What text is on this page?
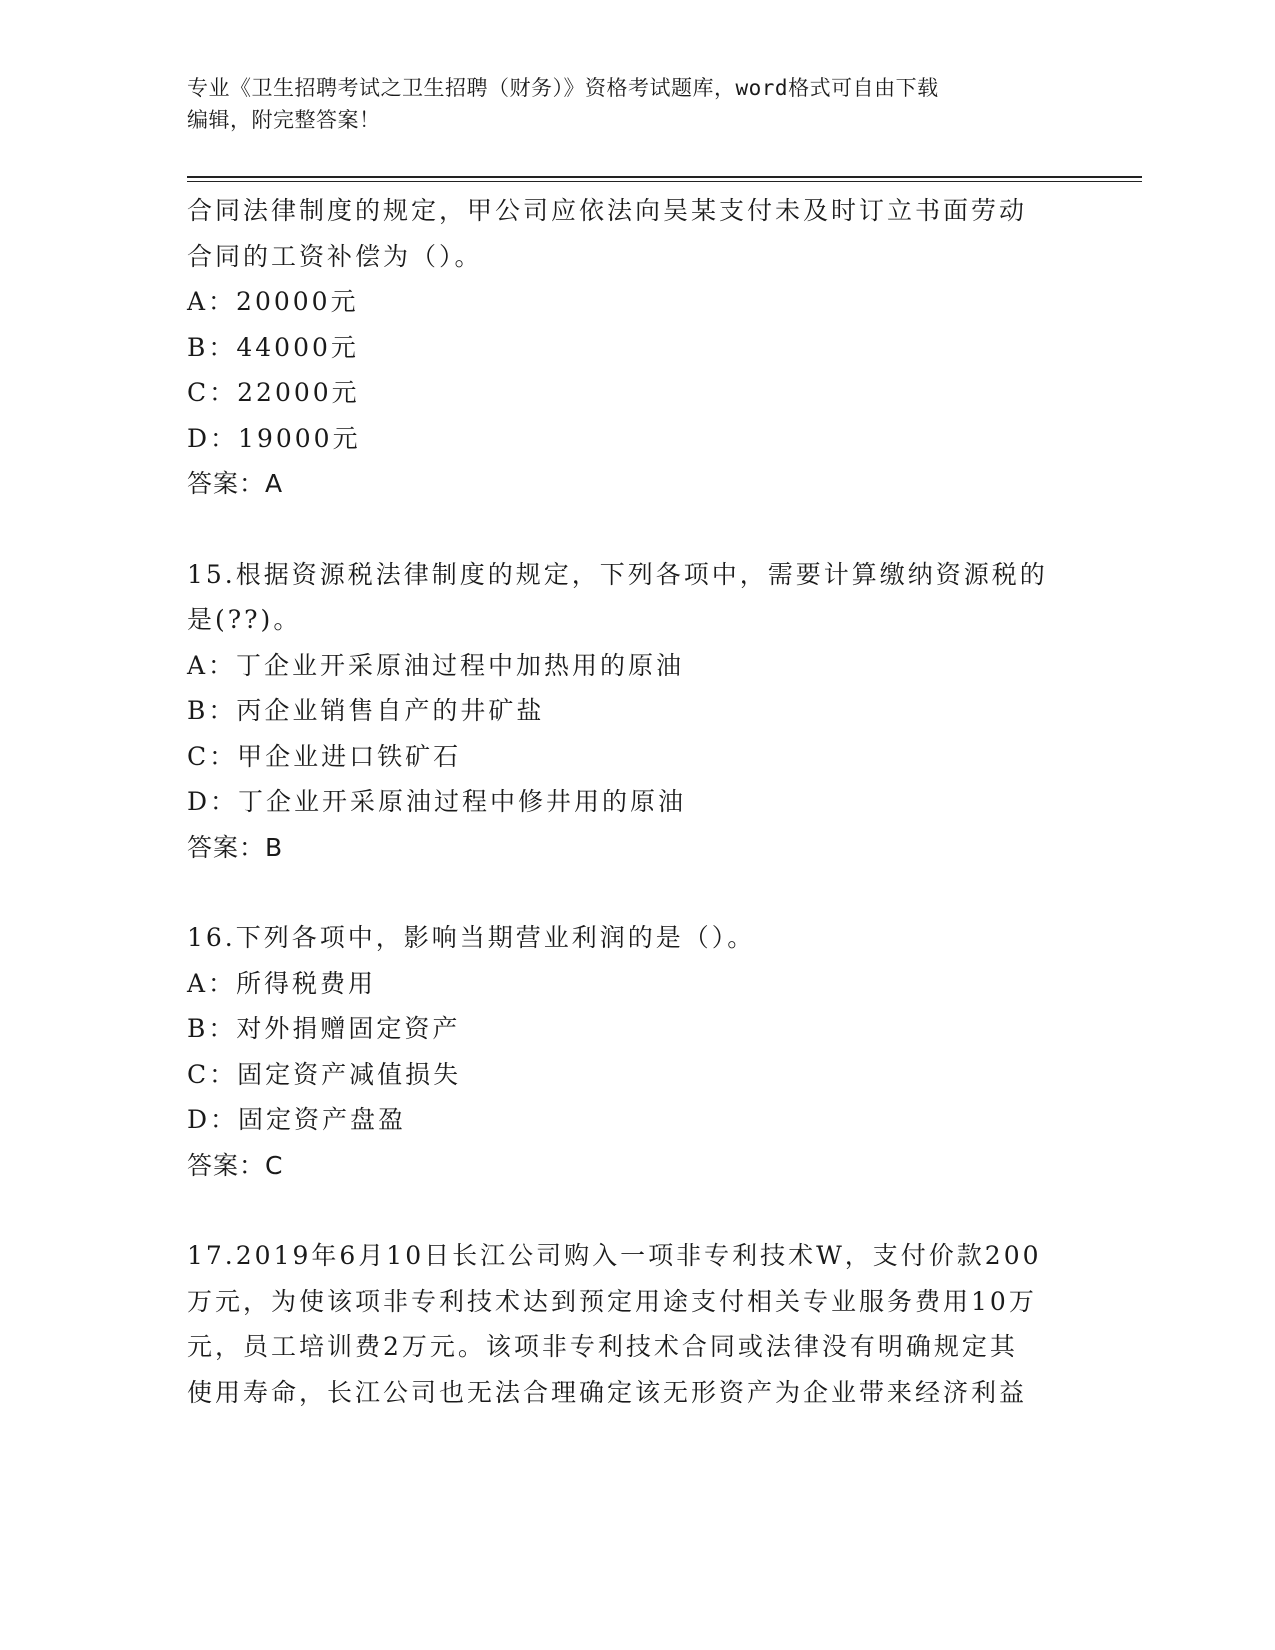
专业《卫生招聘考试之卫生招聘（财务）》资格考试题库，word格式可自由下载
编辑，附完整答案！
合同法律制度的规定，甲公司应依法向吴某支付未及时订立书面劳动
合同的工资补偿为（）。
A：20000元
B：44000元
C：22000元
D：19000元
答案：A
15.根据资源税法律制度的规定，下列各项中，需要计算缴纳资源税的
是(??)。
A：丁企业开采原油过程中加热用的原油
B：丙企业销售自产的井矿盐
C：甲企业进口铁矿石
D：丁企业开采原油过程中修井用的原油
答案：B
16.下列各项中，影响当期营业利润的是（）。
A：所得税费用
B：对外捐赠固定资产
C：固定资产减值损失
D：固定资产盘盈
答案：C
17.2019年6月10日长江公司购入一项非专利技术W，支付价款200
万元，为使该项非专利技术达到预定用途支付相关专业服务费用10万
元，员工培训费2万元。该项非专利技术合同或法律没有明确规定其
使用寿命，长江公司也无法合理确定该无形资产为企业带来经济利益
